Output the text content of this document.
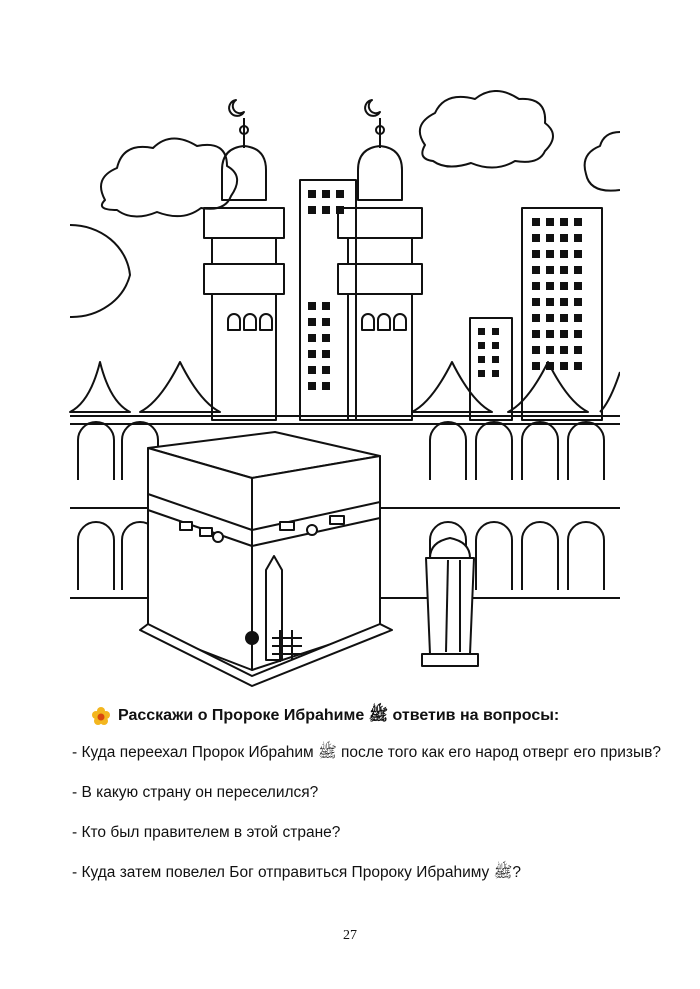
Расскажи о Пророке Ибраhиме ﷺ ответив на вопросы:

- Куда переехал Пророк Ибраhим ﷺ после того как его народ отверг его призыв?

- В какую страну он переселился?

- Кто был правителем в этой стране?

- Куда затем повелел Бог отправиться Пророку Ибраhиму ﷺ?

27
